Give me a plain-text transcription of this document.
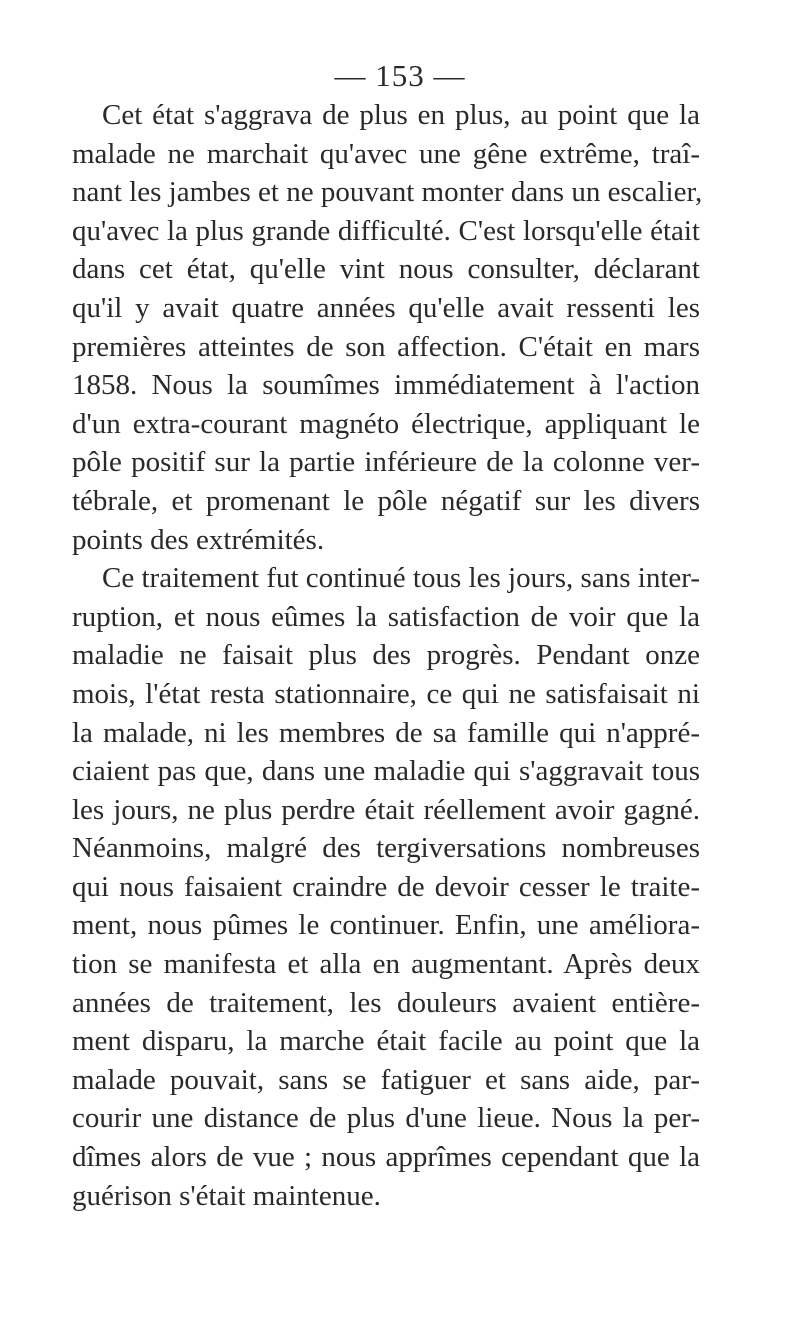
— 153 —
Cet état s'aggrava de plus en plus, au point que la
malade ne marchait qu'avec une gêne extrême, traî-
nant les jambes et ne pouvant monter dans un escalier,
qu'avec la plus grande difficulté. C'est lorsqu'elle était
dans cet état, qu'elle vint nous consulter, déclarant
qu'il y avait quatre années qu'elle avait ressenti les
premières atteintes de son affection. C'était en mars
1858. Nous la soumîmes immédiatement à l'action
d'un extra-courant magnéto électrique, appliquant le
pôle positif sur la partie inférieure de la colonne ver-
tébrale, et promenant le pôle négatif sur les divers
points des extrémités.
Ce traitement fut continué tous les jours, sans inter-
ruption, et nous eûmes la satisfaction de voir que la
maladie ne faisait plus des progrès. Pendant onze
mois, l'état resta stationnaire, ce qui ne satisfaisait ni
la malade, ni les membres de sa famille qui n'appré-
ciaient pas que, dans une maladie qui s'aggravait tous
les jours, ne plus perdre était réellement avoir gagné.
Néanmoins, malgré des tergiversations nombreuses
qui nous faisaient craindre de devoir cesser le traite-
ment, nous pûmes le continuer. Enfin, une améliora-
tion se manifesta et alla en augmentant. Après deux
années de traitement, les douleurs avaient entière-
ment disparu, la marche était facile au point que la
malade pouvait, sans se fatiguer et sans aide, par-
courir une distance de plus d'une lieue. Nous la per-
dîmes alors de vue ; nous apprîmes cependant que la
guérison s'était maintenue.
